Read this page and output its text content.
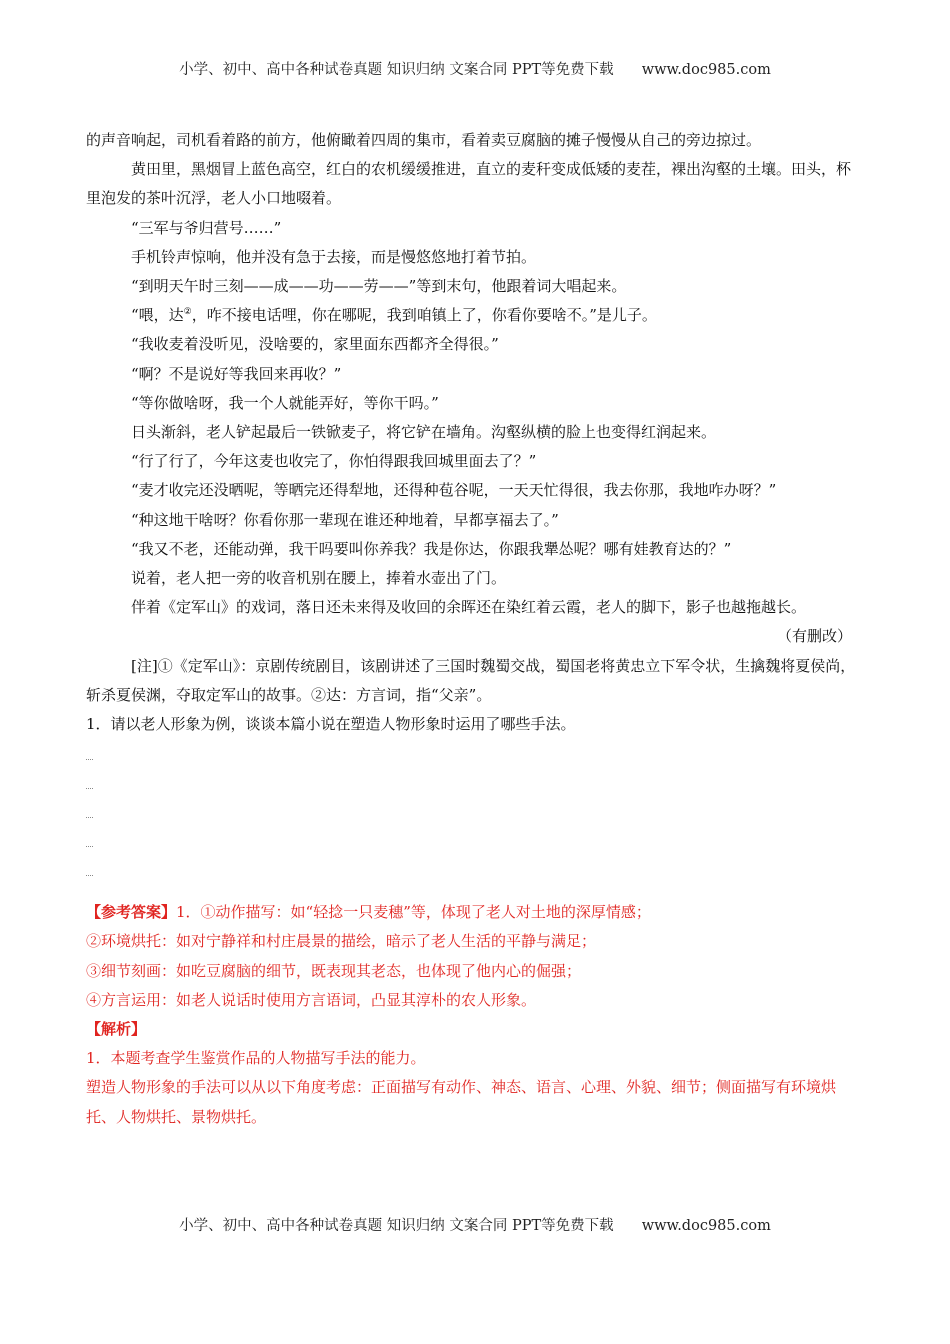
小学、初中、高中各种试卷真题 知识归纳 文案合同 PPT等免费下载 www.doc985.com

的声音响起，司机看着路的前方，他俯瞰着四周的集市，看着卖豆腐脑的摊子慢慢从自己的旁边掠过。

黄田里，黑烟冒上蓝色高空，红白的农机缓缓推进，直立的麦秆变成低矮的麦茬，裸出沟壑的土壤。田头，杯里泡发的茶叶沉浮，老人小口地啜着。

“三军与爷归营号……”

手机铃声惊响，他并没有急于去接，而是慢悠悠地打着节拍。

“到明天午时三刻——成——功——劳——”等到末句，他跟着词大唱起来。

“喂，达②，咋不接电话哩，你在哪呢，我到咱镇上了，你看你要啥不。”是儿子。

“我收麦着没听见，没啥要的，家里面东西都齐全得很。”

“啊？不是说好等我回来再收？”

“等你做啥呀，我一个人就能弄好，等你干吗。”

日头渐斜，老人铲起最后一铁锨麦子，将它铲在墙角。沟壑纵横的脸上也变得红润起来。

“行了行了，今年这麦也收完了，你怕得跟我回城里面去了？”

“麦才收完还没晒呢，等晒完还得犁地，还得种苞谷呢，一天天忙得很，我去你那，我地咋办呀？”

“种这地干啥呀？你看你那一辈现在谁还种地着，早都享福去了。”

“我又不老，还能动弹，我干吗要叫你养我？我是你达，你跟我犟怂呢？哪有娃教育达的？”

说着，老人把一旁的收音机别在腰上，捧着水壶出了门。

伴着《定军山》的戏词，落日还未来得及收回的余晖还在染红着云霞，老人的脚下，影子也越拖越长。

（有删改）

[注]①《定军山》：京剧传统剧目，该剧讲述了三国时魏蜀交战，蜀国老将黄忠立下军令状，生擒魏将夏侯尚，斩杀夏侯渊，夺取定军山的故事。②达：方言词，指“父亲”。

1．请以老人形象为例，谈谈本篇小说在塑造人物形象时运用了哪些手法。

【参考答案】1．①动作描写：如“轻捻一只麦穗”等，体现了老人对土地的深厚情感；

②环境烘托：如对宁静祥和村庄晨景的描绘，暗示了老人生活的平静与满足；

③细节刻画：如吃豆腐脑的细节，既表现其老态，也体现了他内心的倔强；

④方言运用：如老人说话时使用方言语词，凸显其淳朴的农人形象。

【解析】

1．本题考查学生鉴赏作品的人物描写手法的能力。

塑造人物形象的手法可以从以下角度考虑：正面描写有动作、神态、语言、心理、外貌、细节；侧面描写有环境烘托、人物烘托、景物烘托。

小学、初中、高中各种试卷真题 知识归纳 文案合同 PPT等免费下载 www.doc985.com
